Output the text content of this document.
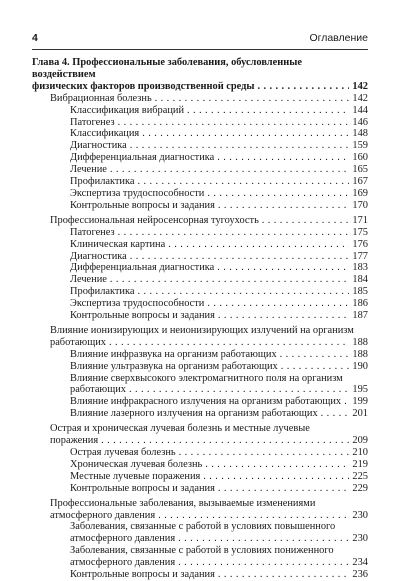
4	Оглавление
Глава 4. Профессиональные заболевания, обусловленные воздействием
физических факторов производственной среды . . .	142
Вибрационная болезнь . . .	142
Классификация вибраций . . .	144
Патогенез . . .	146
Классификация . . .	148
Диагностика . . .	159
Дифференциальная диагностика . . .	160
Лечение . . .	165
Профилактика . . .	167
Экспертиза трудоспособности . . .	169
Контрольные вопросы и задания . . .	170
Профессиональная нейросенсорная тугоухость . . .	171
Патогенез . . .	175
Клиническая картина . . .	176
Диагностика . . .	177
Дифференциальная диагностика . . .	183
Лечение . . .	184
Профилактика . . .	185
Экспертиза трудоспособности . . .	186
Контрольные вопросы и задания . . .	187
Влияние ионизирующих и неионизирующих излучений на организм
работающих . . .	188
Влияние инфразвука на организм работающих . . .	188
Влияние ультразвука на организм работающих . . .	190
Влияние сверхвысокого электромагнитного поля на организм
работающих . . .	195
Влияние инфракрасного излучения на организм работающих . . .	199
Влияние лазерного излучения на организм работающих . . .	201
Острая и хроническая лучевая болезнь и местные лучевые
поражения . . .	209
Острая лучевая болезнь . . .	210
Хроническая лучевая болезнь . . .	219
Местные лучевые поражения . . .	225
Контрольные вопросы и задания . . .	229
Профессиональные заболевания, вызываемые изменениями
атмосферного давления . . .	230
Заболевания, связанные с работой в условиях повышенного
атмосферного давления . . .	230
Заболевания, связанные с работой в условиях пониженного
атмосферного давления . . .	234
Контрольные вопросы и задания . . .	236
